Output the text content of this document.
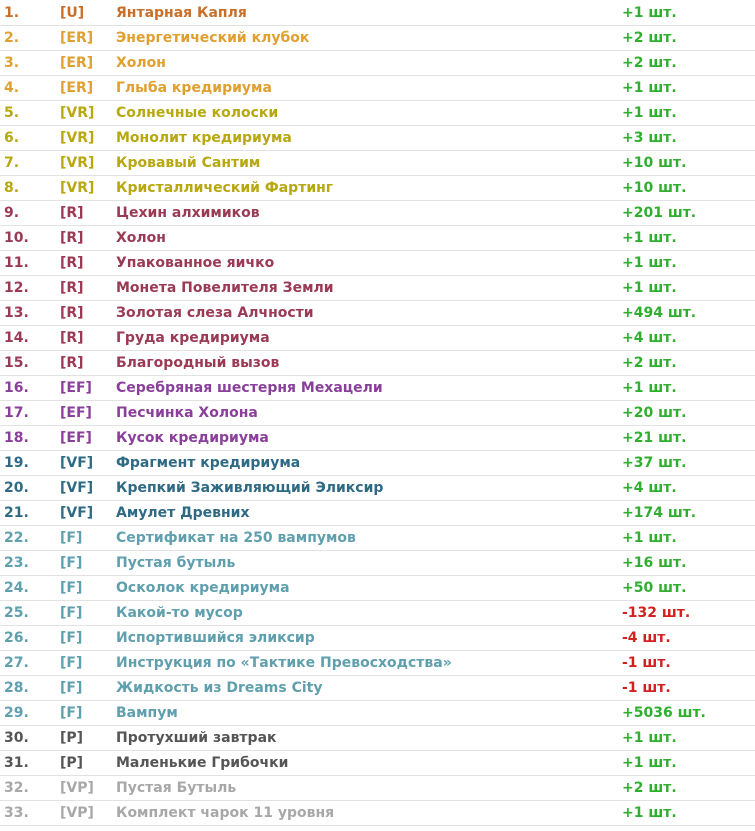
1.	[U] Янтарная Капля	+1 шт.
2.	[ER] Энергетический клубок	+2 шт.
3.	[ER] Холон	+2 шт.
4.	[ER] Глыба кредириума	+1 шт.
5.	[VR] Солнечные колоски	+1 шт.
6.	[VR] Монолит кредириума	+3 шт.
7.	[VR] Кровавый Сантим	+10 шт.
8.	[VR] Кристаллический Фартинг	+10 шт.
9.	[R] Цехин алхимиков	+201 шт.
10. [R] Холон	+1 шт.
11. [R] Упакованное яичко	+1 шт.
12. [R] Монета Повелителя Земли	+1 шт.
13. [R] Золотая слеза Алчности	+494 шт.
14. [R] Груда кредириума	+4 шт.
15. [R] Благородный вызов	+2 шт.
16. [EF] Серебряная шестерня Мехацели	+1 шт.
17. [EF] Песчинка Холона	+20 шт.
18. [EF] Кусок кредириума	+21 шт.
19. [VF] Фрагмент кредириума	+37 шт.
20. [VF] Крепкий Заживляющий Эликсир	+4 шт.
21. [VF] Амулет Древних	+174 шт.
22. [F] Сертификат на 250 вампумов	+1 шт.
23. [F] Пустая бутыль	+16 шт.
24. [F] Осколок кредириума	+50 шт.
25. [F] Какой-то мусор	-132 шт.
26. [F] Испортившийся эликсир	-4 шт.
27. [F] Инструкция по «Тактике Превосходства»	-1 шт.
28. [F] Жидкость из Dreams City	-1 шт.
29. [F] Вампум	+5036 шт.
30. [P] Протухший завтрак	+1 шт.
31. [P] Маленькие Грибочки	+1 шт.
32. [VP] Пустая Бутыль	+2 шт.
33. [VP] Комплект чарок 11 уровня	+1 шт.
